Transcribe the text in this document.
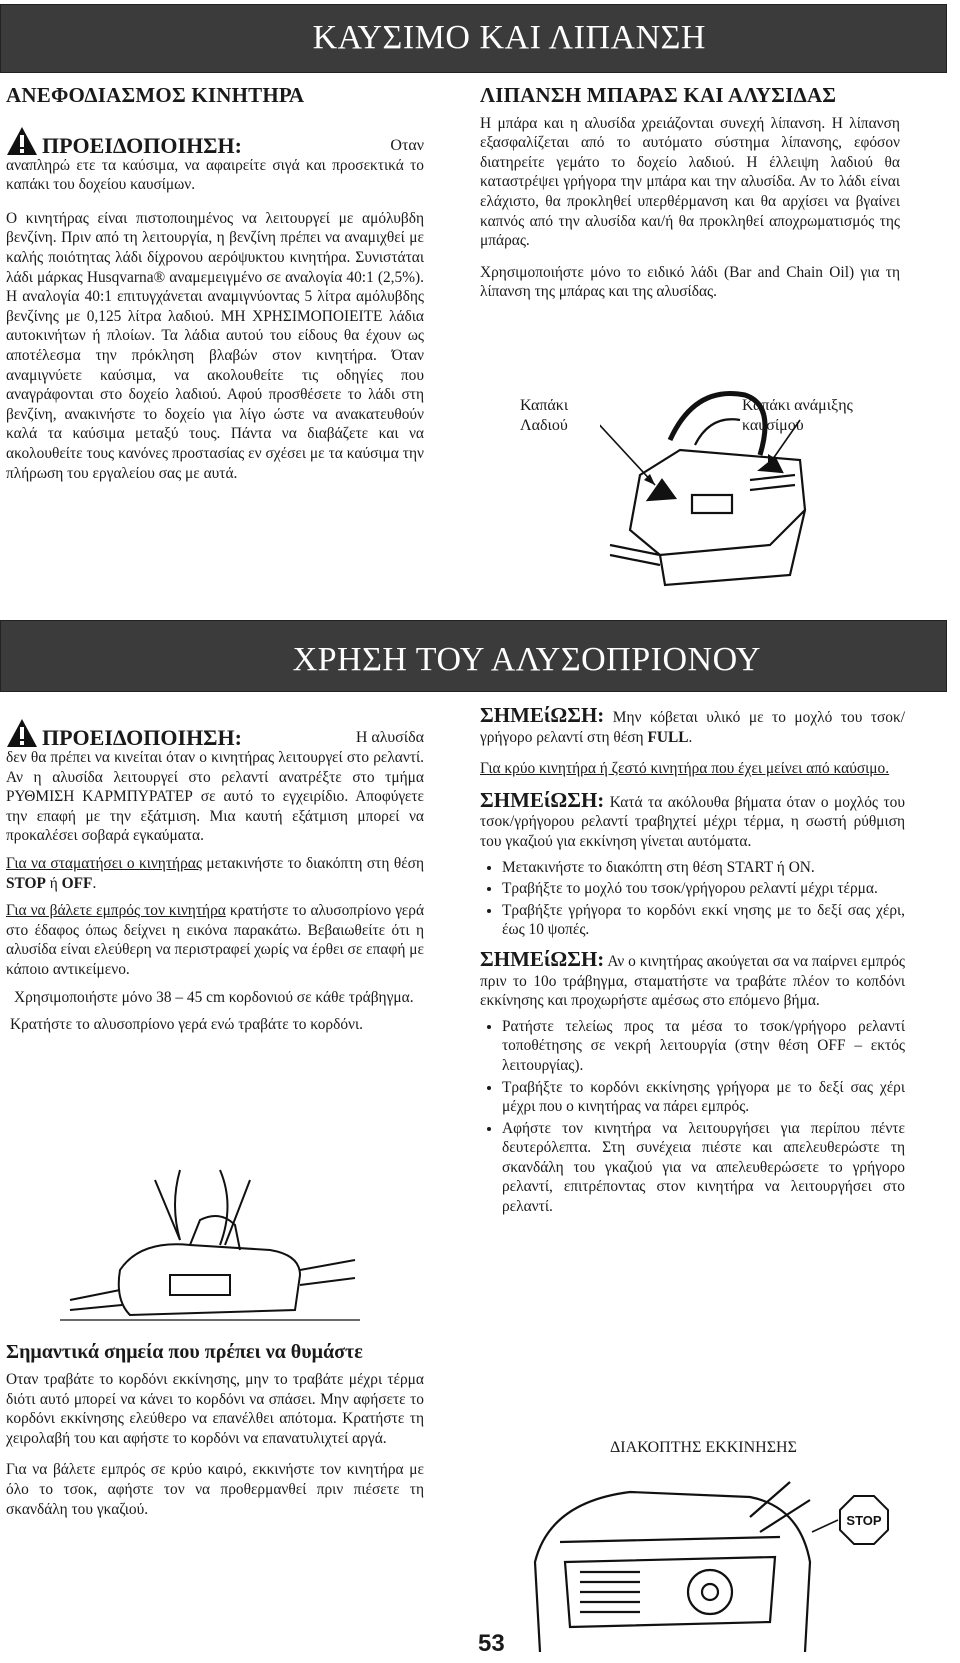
ΚΑΥΣΙΜΟ ΚΑΙ ΛΙΠΑΝΣΗ
ΑΝΕΦΟΔΙΑΣΜΟΣ ΚΙΝΗΤΗΡΑ
ΠΡΟΕΙΔΟΠΟΙΗΣΗ:	Οταν

αναπληρώ ετε τα καύσιμα, να αφαιρείτε σιγά και προσεκτικά το καπάκι του δοχείου καυσίμων.

Ο κινητήρας είναι πιστοποιημένος να λειτουργεί με αμόλυβδη βενζίνη. Πριν από τη λειτουργία, η βενζίνη πρέπει να αναμιχθεί με καλής ποιότητας λάδι δίχρονου αερόψυκτου κινητήρα. Συνιστάται λάδι μάρκας Husqvarna® αναμεμειγμένο σε αναλογία 40:1 (2,5%). Η αναλογία 40:1 επιτυγχάνεται αναμιγνύοντας 5 λίτρα αμόλυβδης βενζίνης με 0,125 λίτρα λαδιού. ΜΗ ΧΡΗΣΙΜΟΠΟΙΕΙΤΕ λάδια αυτοκινήτων ή πλοίων. Τα λάδια αυτού του είδους θα έχουν ως αποτέλεσμα την πρόκληση βλαβών στον κινητήρα. Όταν αναμιγνύετε καύσιμα, να ακολουθείτε τις οδηγίες που αναγράφονται στο δοχείο λαδιού. Αφού προσθέσετε το λάδι στη βενζίνη, ανακινήστε το δοχείο για λίγο ώστε να ανακατευθούν καλά τα καύσιμα μεταξύ τους. Πάντα να διαβάζετε και να ακολουθείτε τους κανόνες προστασίας εν σχέσει με τα καύσιμα την πλήρωση του εργαλείου σας με αυτά.

ΛΙΠΑΝΣΗ ΜΠΑΡΑΣ ΚΑΙ ΑΛΥΣΙΔΑΣ

Η μπάρα και η αλυσίδα χρειάζονται συνεχή λίπανση. Η λίπανση εξασφαλίζεται από το αυτόματο σύστημα λίπανσης, εφόσον διατηρείτε γεμάτο το δοχείο λαδιού. Η έλλειψη λαδιού θα καταστρέψει γρήγορα την μπάρα και την αλυσίδα. Αν το λάδι είναι ελάχιστο, θα προκληθεί υπερθέρμανση και θα αρχίσει να βγαίνει καπνός από την αλυσίδα και/ή θα προκληθεί αποχρωματισμός της μπάρας.

Χρησιμοποιήστε μόνο το ειδικό λάδι (Bar and Chain Oil) για τη λίπανση της μπάρας και της αλυσίδας.

Καπάκι
Λαδιού
Καπάκι ανάμιξης
καυσίμου
ΧΡΗΣΗ ΤΟΥ ΑΛΥΣΟΠΡΙΟΝΟΥ
ΠΡΟΕΙΔΟΠΟΙΗΣΗ:	Η αλυσίδα

δεν θα πρέπει να κινείται όταν ο κινητήρας λειτουργεί στο ρελαντί. Αν η αλυσίδα λειτουργεί στο ρελαντί ανατρέξτε στο τμήμα ΡΥΘΜΙΣΗ ΚΑΡΜΠΥΡΑΤΕΡ σε αυτό το εγχειρίδιο. Αποφύγετε την επαφή με την εξάτμιση. Μια καυτή εξάτμιση μπορεί να προκαλέσει σοβαρά εγκαύματα.

Για να σταματήσει ο κινητήρας μετακινήστε το διακόπτη στη θέση STOP ή OFF.

Για να βάλετε εμπρός τον κινητήρα κρατήστε το αλυσοπρίονο γερά στο έδαφος όπως δείχνει η εικόνα παρακάτω. Βεβαιωθείτε ότι η αλυσίδα είναι ελεύθερη να περιστραφεί χωρίς να έρθει σε επαφή με κάποιο αντικείμενο.

Χρησιμοποιήστε μόνο 38 – 45 cm κορδονιού σε κάθε τράβηγμα.

Κρατήστε το αλυσοπρίονο γερά ενώ τραβάτε το κορδόνι.

Σημαντικά σημεία που πρέπει να θυμάστε

Οταν τραβάτε το κορδόνι εκκίνησης, μην το τραβάτε μέχρι τέρμα διότι αυτό μπορεί να κάνει το κορδόνι να σπάσει. Μην αφήσετε το κορδόνι εκκίνησης ελεύθερο να επανέλθει απότομα. Κρατήστε τη χειρολαβή του και αφήστε το κορδόνι να επανατυλιχτεί αργά.

Για να βάλετε εμπρός σε κρύο καιρό, εκκινήστε τον κινητήρα με όλο το τσοκ, αφήστε τον να προθερμανθεί πριν πιέσετε τη σκανδάλη του γκαζιού.

ΣΗΜΕίΩΣΗ: Μην κόβεται υλικό με το μοχλό του τσοκ/γρήγορο ρελαντί στη θέση FULL.

Για κρύο κινητήρα ή ζεστό κινητήρα που έχει μείνει από καύσιμο.

ΣΗΜΕίΩΣΗ: Κατά τα ακόλουθα βήματα όταν ο μοχλός του τσοκ/γρήγορου ρελαντί τραβηχτεί μέχρι τέρμα, η σωστή ρύθμιση του γκαζιού για εκκίνηση γίνεται αυτόματα.

• Μετακινήστε το διακόπτη στη θέση START ή ON.
• Τραβήξτε το μοχλό του τσοκ/γρήγορου ρελαντί μέχρι τέρμα.
• Τραβήξτε γρήγορα το κορδόνι εκκί νησης με το δεξί σας χέρι, έως 10 ψοπές.

ΣΗΜΕίΩΣΗ: Αν ο κινητήρας ακούγεται σα να παίρνει εμπρός πριν το 10ο τράβηγμα, σταματήστε να τραβάτε πλέον το κοπδόνι εκκίνησης και προχωρήστε αμέσως στο επόμενο βήμα.

• Ρατήστε τελείως προς τα μέσα το τσοκ/γρήγορο ρελαντί τοποθέτησης σε νεκρή λειτουργία (στην θέση OFF – εκτός λειτουργίας).
• Τραβήξτε το κορδόνι εκκίνησης γρήγορα με το δεξί σας χέρι μέχρι που ο κινητήρας να πάρει εμπρός.
• Αφήστε τον κινητήρα να λειτουργήσει για περίπου πέντε δευτερόλεπτα. Στη συνέχεια πιέστε και απελευθερώστε τη σκανδάλη του γκαζιού για να απελευθερώσετε το γρήγορο ρελαντί, επιτρέποντας στον κινητήρα να λειτουργήσει στο ρελαντί.
ΔΙΑΚΟΠΤΗΣ ΕΚΚΙΝΗΣΗΣ
STOP
53
